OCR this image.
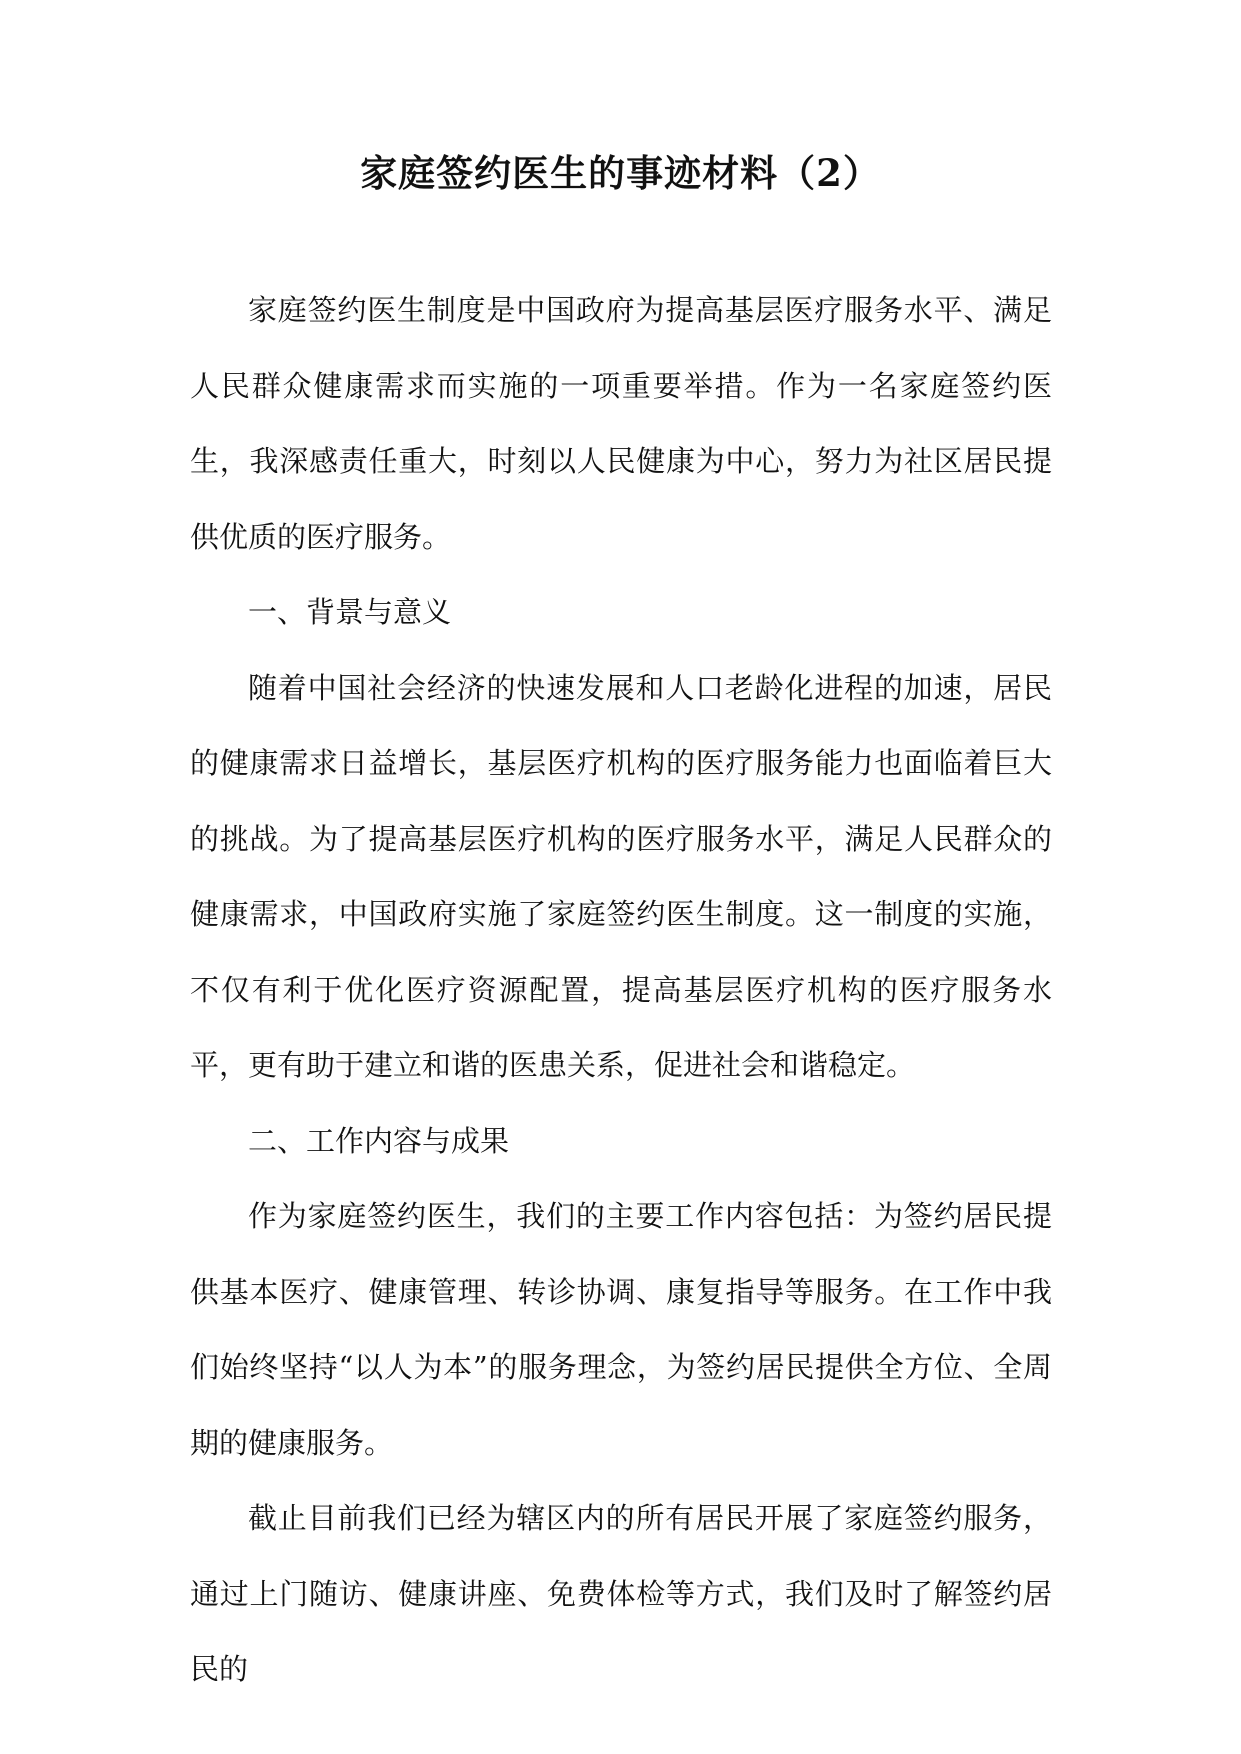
家庭签约医生的事迹材料（2）

家庭签约医生制度是中国政府为提高基层医疗服务水平、满足人民群众健康需求而实施的一项重要举措。作为一名家庭签约医生，我深感责任重大，时刻以人民健康为中心，努力为社区居民提供优质的医疗服务。

一、背景与意义

随着中国社会经济的快速发展和人口老龄化进程的加速，居民的健康需求日益增长，基层医疗机构的医疗服务能力也面临着巨大的挑战。为了提高基层医疗机构的医疗服务水平，满足人民群众的健康需求，中国政府实施了家庭签约医生制度。这一制度的实施，不仅有利于优化医疗资源配置，提高基层医疗机构的医疗服务水平，更有助于建立和谐的医患关系，促进社会和谐稳定。

二、工作内容与成果

作为家庭签约医生，我们的主要工作内容包括：为签约居民提供基本医疗、健康管理、转诊协调、康复指导等服务。在工作中我们始终坚持“以人为本”的服务理念，为签约居民提供全方位、全周期的健康服务。

截止目前我们已经为辖区内的所有居民开展了家庭签约服务，通过上门随访、健康讲座、免费体检等方式，我们及时了解签约居民的
